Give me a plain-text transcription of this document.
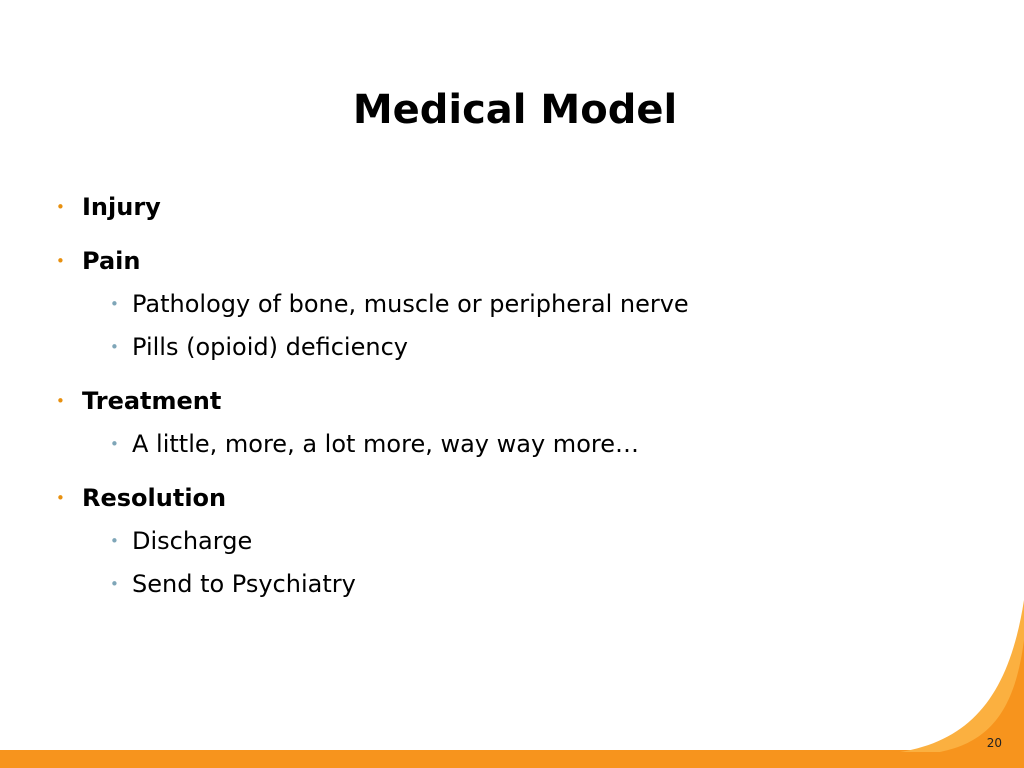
Medical Model
• Injury
• Pain
• Pathology of bone, muscle or peripheral nerve
• Pills (opioid) deficiency
• Treatment
• A little, more, a lot more, way way more…
• Resolution
• Discharge
• Send to Psychiatry
20
